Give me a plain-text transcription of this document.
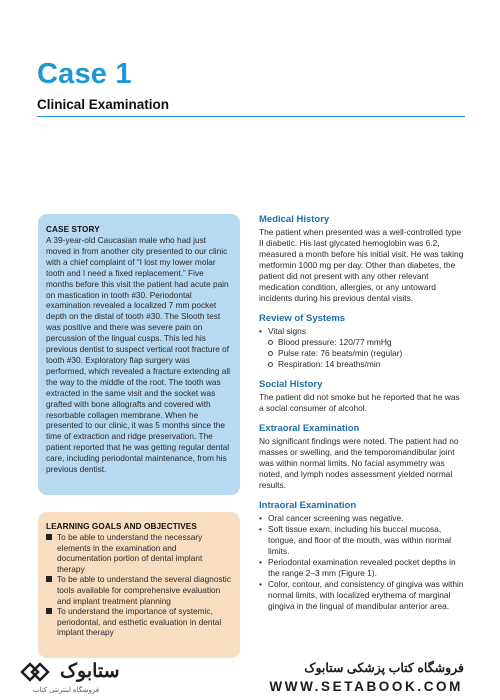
Case 1
Clinical Examination
CASE STORY

A 39-year-old Caucasian male who had just moved in from another city presented to our clinic with a chief complaint of “I lost my lower molar tooth and I need a fixed replacement.” Five months before this visit the patient had acute pain on mastication in tooth #30. Periodontal examination revealed a localized 7 mm pocket depth on the distal of tooth #30. The Slooth test was positive and there was severe pain on percussion of the lingual cusps. This led his previous dentist to suspect vertical root fracture of tooth #30. Exploratory flap surgery was performed, which revealed a fracture extending all the way to the middle of the root. The tooth was extracted in the same visit and the socket was grafted with bone allografts and covered with resorbable collagen membrane. When he presented to our clinic, it was 5 months since the time of extraction and ridge preservation. The patient reported that he was getting regular dental care, including periodontal maintenance, from his previous dentist.

LEARNING GOALS AND OBJECTIVES
To be able to understand the necessary elements in the examination and documentation portion of dental implant therapy
To be able to understand the several diagnostic tools available for comprehensive evaluation and implant treatment planning
To understand the importance of systemic, periodontal, and esthetic evaluation in dental implant therapy
Medical History

The patient when presented was a well-controlled type II diabetic. His last glycated hemoglobin was 6.2, measured a month before his initial visit. He was taking metformin 1000 mg per day. Other than diabetes, the patient did not present with any other relevant medication condition, allergies, or any untoward incidents during his previous dental visits.

Review of Systems
• Vital signs
Blood pressure: 120/77 mmHg
Pulse rate: 76 beats/min (regular)
Respiration: 14 breaths/min
Social History

The patient did not smoke but he reported that he was a social consumer of alcohol.

Extraoral Examination

No significant findings were noted. The patient had no masses or swelling, and the temporomandibular joint was within normal limits. No facial asymmetry was noted, and lymph nodes assessment yielded normal results.

Intraoral Examination
• Oral cancer screening was negative.
• Soft tissue exam, including his buccal mucosa, tongue, and floor of the mouth, was within normal limits.
• Periodontal examination revealed pocket depths in the range 2–3 mm (Figure 1).
• Color, contour, and consistency of gingiva was within normal limits, with localized erythema of marginal gingiva in the lingual of mandibular anterior area.
ستابوک
فروشگاه اینترنتی کتاب
فروشگاه کتاب پزشکی ستابوک
WWW.SETABOOK.COM
